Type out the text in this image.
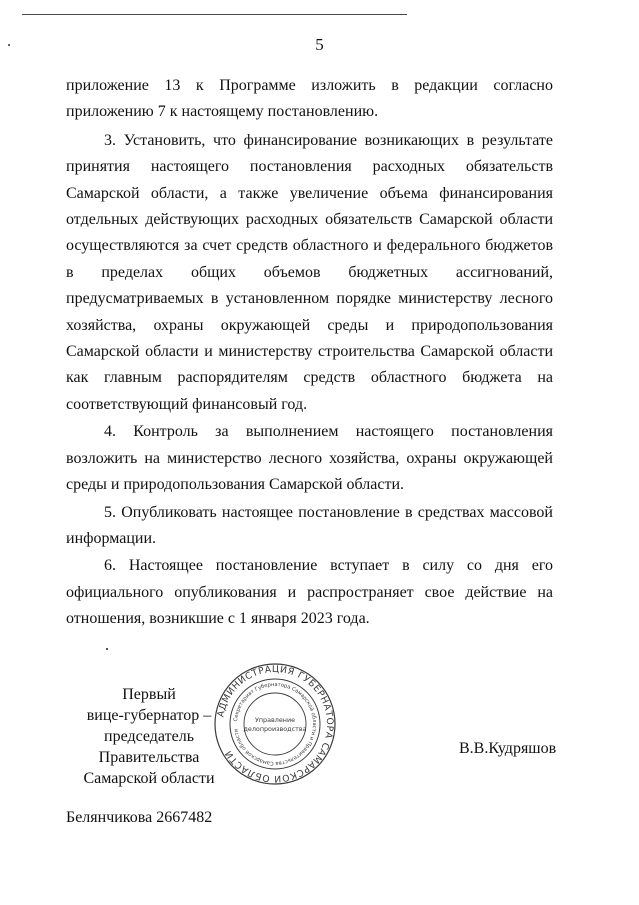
5

приложение 13 к Программе изложить в редакции согласно приложению 7 к настоящему постановлению.

3. Установить, что финансирование возникающих в результате принятия настоящего постановления расходных обязательств Самарской области, а также увеличение объема финансирования отдельных действующих расходных обязательств Самарской области осуществляются за счет средств областного и федерального бюджетов в пределах общих объемов бюджетных ассигнований, предусматриваемых в установленном порядке министерству лесного хозяйства, охраны окружающей среды и природопользования Самарской области и министерству строительства Самарской области как главным распорядителям средств областного бюджета на соответствующий финансовый год.

4. Контроль за выполнением настоящего постановления возложить на министерство лесного хозяйства, охраны окружающей среды и природопользования Самарской области.

5. Опубликовать настоящее постановление в средствах массовой информации.

6. Настоящее постановление вступает в силу со дня его официального опубликования и распространяет свое действие на отношения, возникшие с 1 января 2023 года.

Первый
вице-губернатор –
председатель Правительства
Самарской области
АДМИНИСТРАЦИЯ ГУБЕРНАТОРА САМАРСКОЙ ОБЛАСТИ
Секретариат Губернатора Самарской области и Правительства Самарской области
Управление
делопроизводства
В.В.Кудряшов
Белянчикова 2667482
